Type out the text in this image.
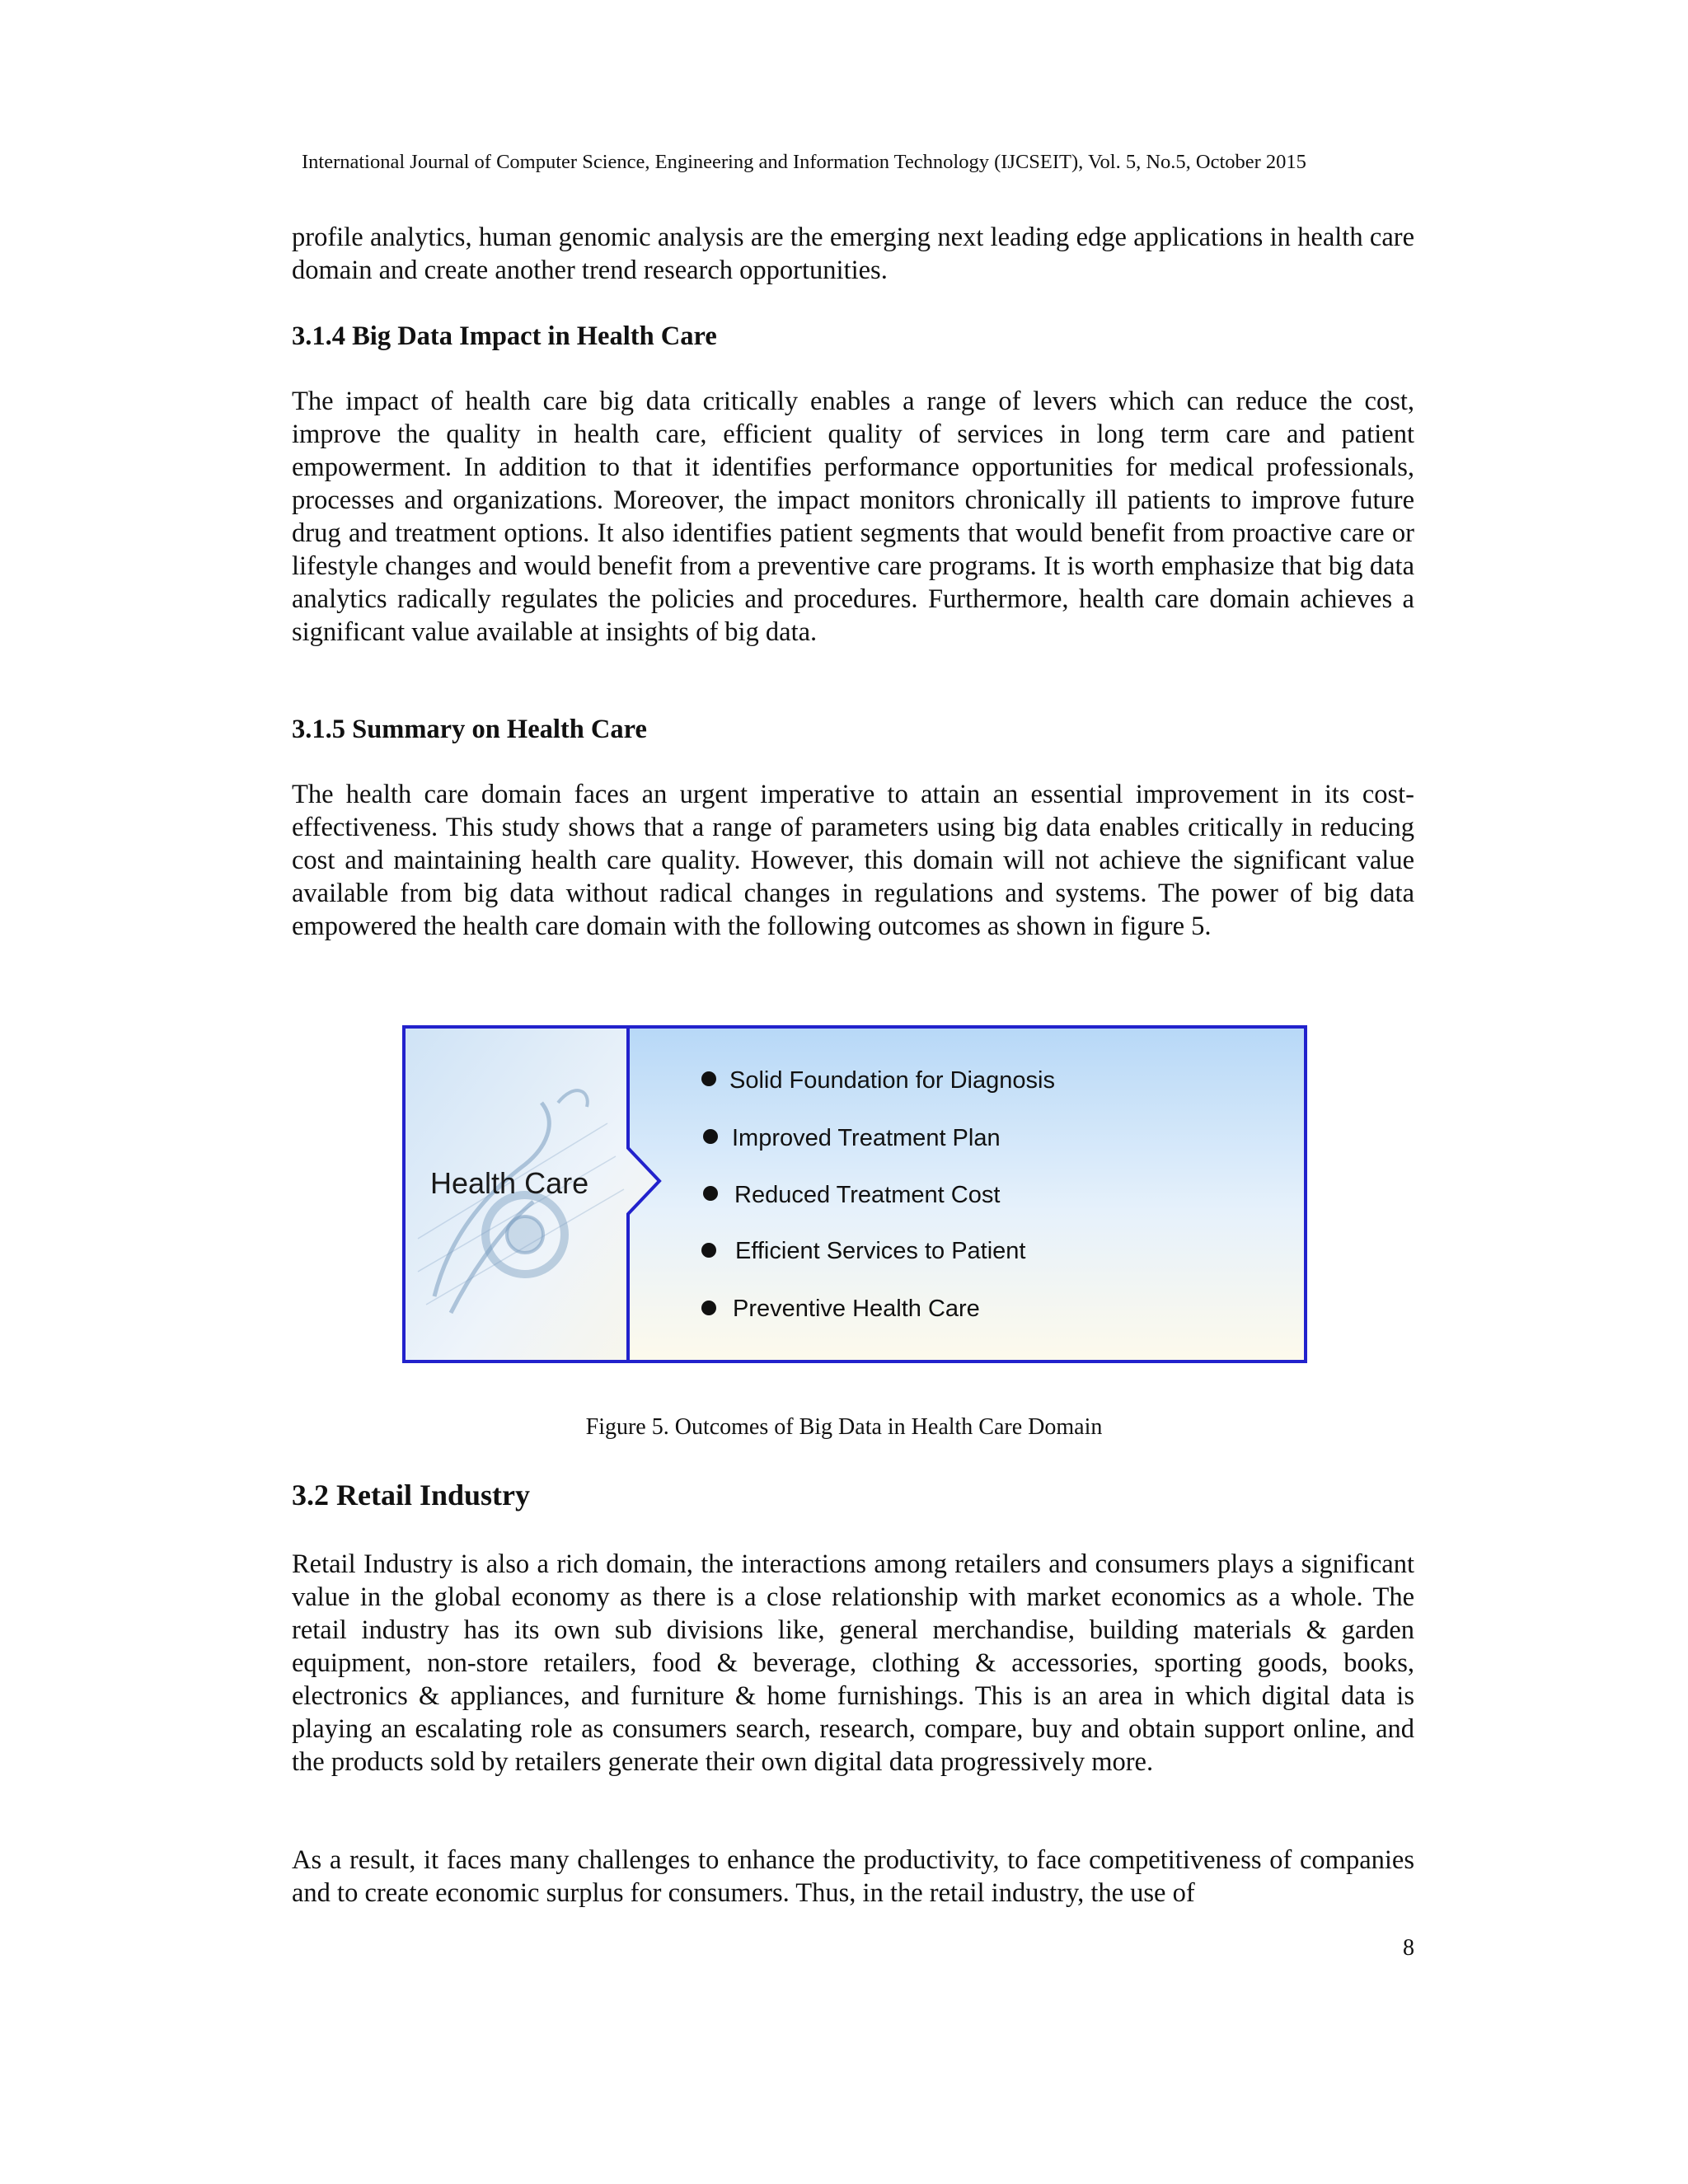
International Journal of Computer Science, Engineering and Information Technology (IJCSEIT), Vol. 5, No.5, October 2015

profile analytics, human genomic analysis are the emerging next leading edge applications in health care domain and create another trend research opportunities.

3.1.4 Big Data Impact in Health Care

The impact of health care big data critically enables a range of levers which can reduce the cost, improve the quality in health care, efficient quality of services in long term care and patient empowerment. In addition to that it identifies performance opportunities for medical professionals, processes and organizations. Moreover, the impact monitors chronically ill patients to improve future drug and treatment options. It also identifies patient segments that would benefit from proactive care or lifestyle changes and would benefit from a preventive care programs. It is worth emphasize that big data analytics radically regulates the policies and procedures. Furthermore, health care domain achieves a significant value available at insights of big data.

3.1.5 Summary on Health Care

The health care domain faces an urgent imperative to attain an essential improvement in its cost-effectiveness. This study shows that a range of parameters using big data enables critically in reducing cost and maintaining health care quality. However, this domain will not achieve the significant value available from big data without radical changes in regulations and systems. The power of big data empowered the health care domain with the following outcomes as shown in figure 5.

Health Care
Solid Foundation for Diagnosis
Improved Treatment Plan
Reduced Treatment Cost
Efficient Services to Patient
Preventive Health Care
Figure 5. Outcomes of Big Data in Health Care Domain
3.2 Retail Industry

Retail Industry is also a rich domain, the interactions among retailers and consumers plays a significant value in the global economy as there is a close relationship with market economics as a whole. The retail industry has its own sub divisions like, general merchandise, building materials & garden equipment, non-store retailers, food & beverage, clothing & accessories, sporting goods, books, electronics & appliances, and furniture & home furnishings. This is an area in which digital data is playing an escalating role as consumers search, research, compare, buy and obtain support online, and the products sold by retailers generate their own digital data progressively more.

As a result, it faces many challenges to enhance the productivity, to face competitiveness of companies and to create economic surplus for consumers. Thus, in the retail industry, the use of

8
